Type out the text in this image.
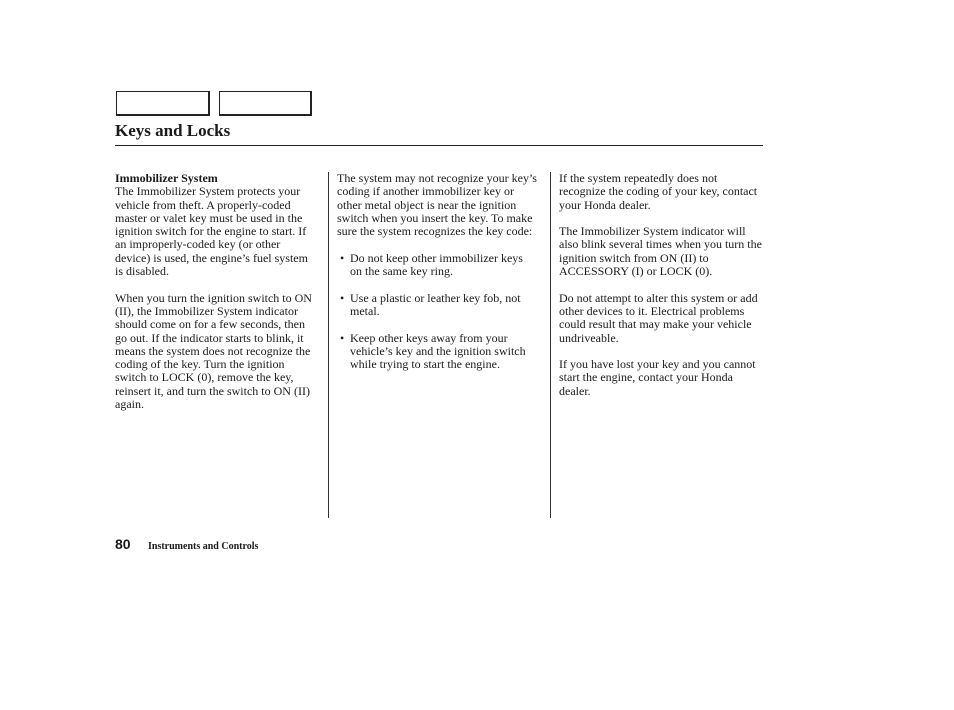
Keys and Locks
Immobilizer System

The Immobilizer System protects your vehicle from theft. A properly-coded master or valet key must be used in the ignition switch for the engine to start. If an improperly-coded key (or other device) is used, the engine’s fuel system is disabled.

When you turn the ignition switch to ON (II), the Immobilizer System indicator should come on for a few seconds, then go out. If the indicator starts to blink, it means the system does not recognize the coding of the key. Turn the ignition switch to LOCK (0), remove the key, reinsert it, and turn the switch to ON (II) again.

The system may not recognize your key’s coding if another immobilizer key or other metal object is near the ignition switch when you insert the key. To make sure the system recognizes the key code:

• Do not keep other immobilizer keys on the same key ring.
• Use a plastic or leather key fob, not metal.
• Keep other keys away from your vehicle’s key and the ignition switch while trying to start the engine.

If the system repeatedly does not recognize the coding of your key, contact your Honda dealer.

The Immobilizer System indicator will also blink several times when you turn the ignition switch from ON (II) to ACCESSORY (I) or LOCK (0).

Do not attempt to alter this system or add other devices to it. Electrical problems could result that may make your vehicle undriveable.

If you have lost your key and you cannot start the engine, contact your Honda dealer.

80 Instruments and Controls
